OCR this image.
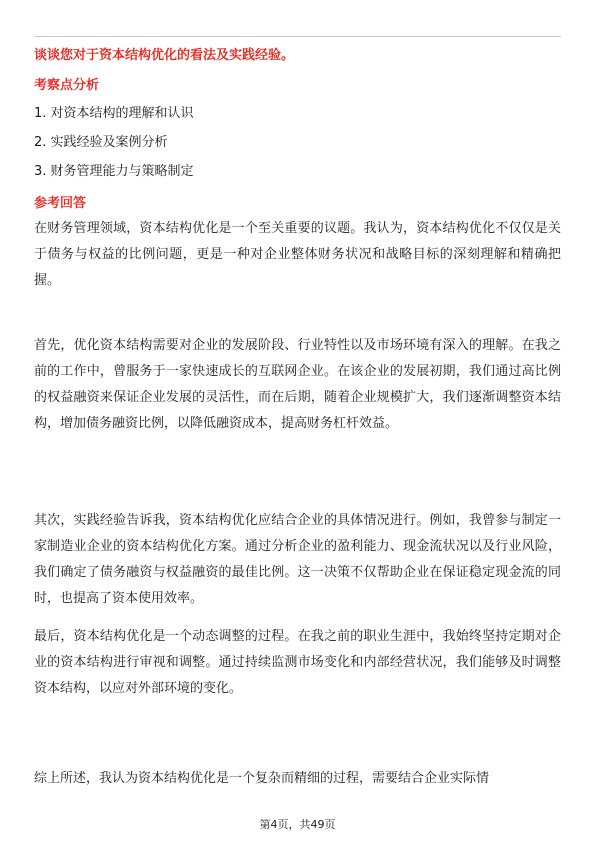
谈谈您对于资本结构优化的看法及实践经验。
考察点分析
1. 对资本结构的理解和认识
2. 实践经验及案例分析
3. 财务管理能力与策略制定
参考回答

在财务管理领域，资本结构优化是一个至关重要的议题。我认为，资本结构优化不仅仅是关于债务与权益的比例问题，更是一种对企业整体财务状况和战略目标的深刻理解和精确把握。

首先，优化资本结构需要对企业的发展阶段、行业特性以及市场环境有深入的理解。在我之前的工作中，曾服务于一家快速成长的互联网企业。在该企业的发展初期，我们通过高比例的权益融资来保证企业发展的灵活性，而在后期，随着企业规模扩大，我们逐渐调整资本结构，增加债务融资比例，以降低融资成本，提高财务杠杆效益。

其次，实践经验告诉我，资本结构优化应结合企业的具体情况进行。例如，我曾参与制定一家制造业企业的资本结构优化方案。通过分析企业的盈利能力、现金流状况以及行业风险，我们确定了债务融资与权益融资的最佳比例。这一决策不仅帮助企业在保证稳定现金流的同时，也提高了资本使用效率。

最后，资本结构优化是一个动态调整的过程。在我之前的职业生涯中，我始终坚持定期对企业的资本结构进行审视和调整。通过持续监测市场变化和内部经营状况，我们能够及时调整资本结构，以应对外部环境的变化。

综上所述，我认为资本结构优化是一个复杂而精细的过程，需要结合企业实际情

第4页，共49页
